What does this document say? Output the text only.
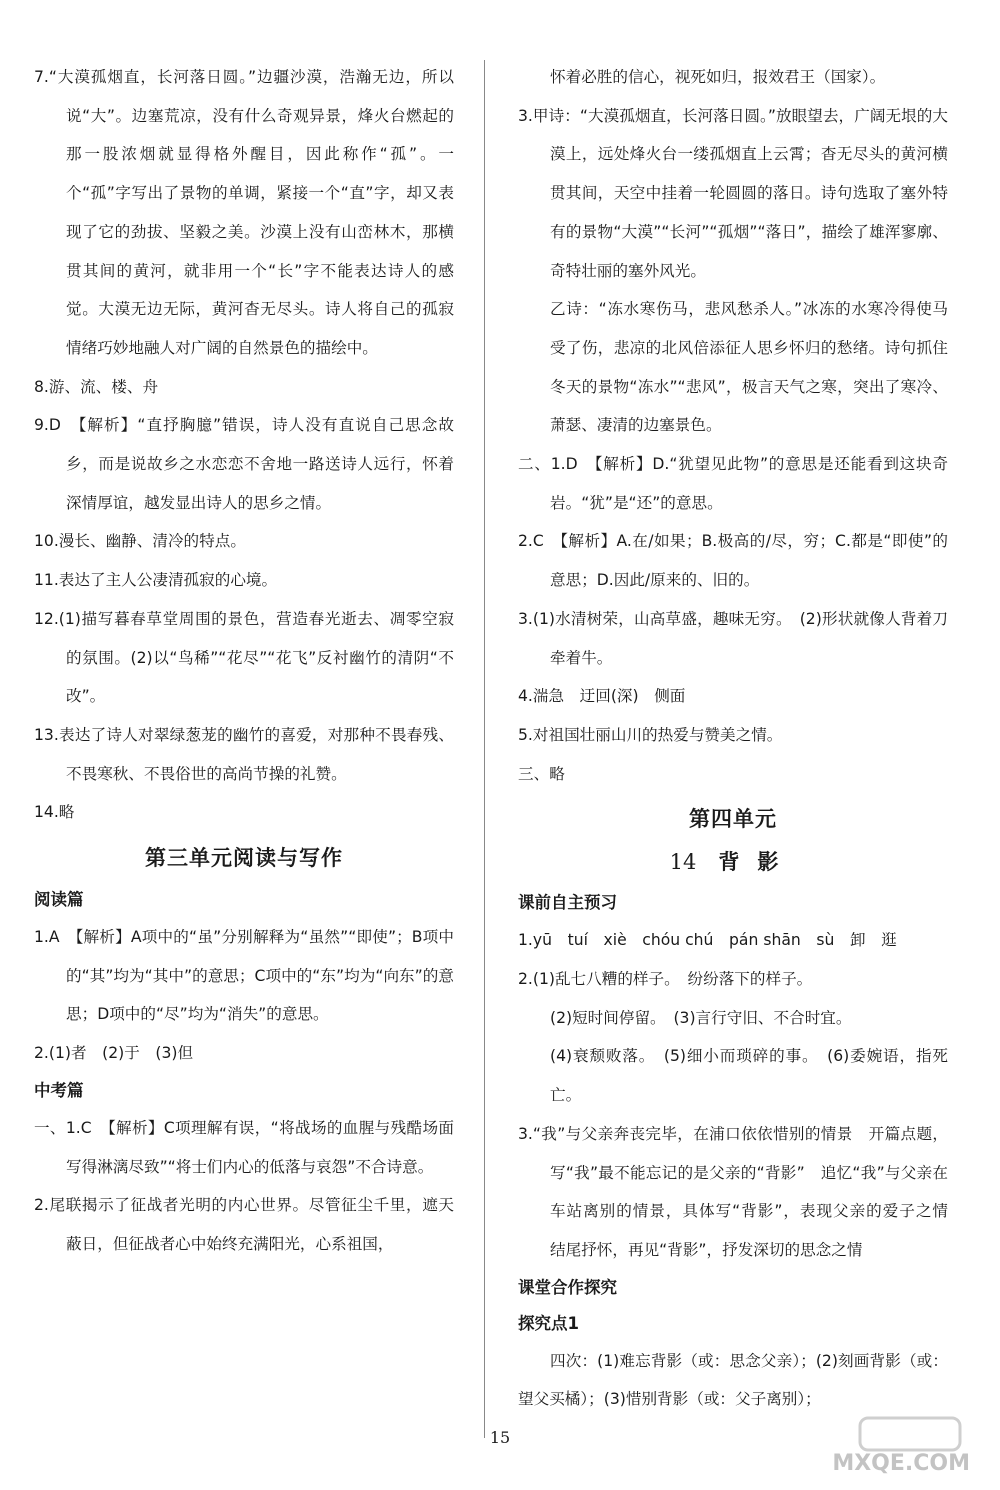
7.“大漠孤烟直，长河落日圆。”边疆沙漠，浩瀚无边，所以说“大”。边塞荒凉，没有什么奇观异景，烽火台燃起的那一股浓烟就显得格外醒目，因此称作“孤”。一个“孤”字写出了景物的单调，紧接一个“直”字，却又表现了它的劲拔、坚毅之美。沙漠上没有山峦林木，那横贯其间的黄河，就非用一个“长”字不能表达诗人的感觉。大漠无边无际，黄河杳无尽头。诗人将自己的孤寂情绪巧妙地融人对广阔的自然景色的描绘中。

8.游、流、楼、舟

9.D　【解析】“直抒胸臆”错误，诗人没有直说自己思念故乡，而是说故乡之水恋恋不舍地一路送诗人远行，怀着深情厚谊，越发显出诗人的思乡之情。

10.漫长、幽静、清冷的特点。

11.表达了主人公凄清孤寂的心境。

12.(1)描写暮春草堂周围的景色，营造春光逝去、凋零空寂的氛围。(2)以“鸟稀”“花尽”“花飞”反衬幽竹的清阴“不改”。

13.表达了诗人对翠绿葱茏的幽竹的喜爱，对那种不畏春残、不畏寒秋、不畏俗世的高尚节操的礼赞。

14.略

第三单元阅读与写作

阅读篇

1.A　【解析】A项中的“虽”分别解释为“虽然”“即使”；B项中的“其”均为“其中”的意思；C项中的“东”均为“向东”的意思；D项中的“尽”均为“消失”的意思。

2.(1)者　(2)于　(3)但

中考篇

一、1.C　【解析】C项理解有误，“将战场的血腥与残酷场面写得淋漓尽致”“将士们内心的低落与哀怨”不合诗意。

2.尾联揭示了征战者光明的内心世界。尽管征尘千里，遮天蔽日，但征战者心中始终充满阳光，心系祖国，

怀着必胜的信心，视死如归，报效君王（国家）。

3.甲诗：“大漠孤烟直，长河落日圆。”放眼望去，广阔无垠的大漠上，远处烽火台一缕孤烟直上云霄；杳无尽头的黄河横贯其间，天空中挂着一轮圆圆的落日。诗句选取了塞外特有的景物“大漠”“长河”“孤烟”“落日”，描绘了雄浑寥廓、奇特壮丽的塞外风光。

乙诗：“冻水寒伤马，悲风愁杀人。”冰冻的水寒冷得使马受了伤，悲凉的北风倍添征人思乡怀归的愁绪。诗句抓住冬天的景物“冻水”“悲风”，极言天气之寒，突出了寒冷、萧瑟、凄清的边塞景色。

二、1.D　【解析】D.“犹望见此物”的意思是还能看到这块奇岩。“犹”是“还”的意思。

2.C　【解析】A.在/如果；B.极高的/尽，穷；C.都是“即使”的意思；D.因此/原来的、旧的。

3.(1)水清树荣，山高草盛，趣味无穷。　(2)形状就像人背着刀牵着牛。

4.湍急　迂回(深)　侧面

5.对祖国壮丽山川的热爱与赞美之情。

三、略

第四单元
14 背影

课前自主预习

1.yū　tuí　xiè　chóu chú　pán shān　sù　卸　逛

2.(1)乱七八糟的样子。　纷纷落下的样子。

(2)短时间停留。　(3)言行守旧、不合时宜。

(4)衰颓败落。　(5)细小而琐碎的事。　(6)委婉语，指死亡。

3.“我”与父亲奔丧完毕，在浦口依依惜别的情景　开篇点题，写“我”最不能忘记的是父亲的“背影”　追忆“我”与父亲在车站离别的情景，具体写“背影”，表现父亲的爱子之情　结尾抒怀，再见“背影”，抒发深切的思念之情

课堂合作探究

探究点1

四次：(1)难忘背影（或：思念父亲）；(2)刻画背影（或：望父买橘）；(3)惜别背影（或：父子离别）；

15
MXQE.COM
